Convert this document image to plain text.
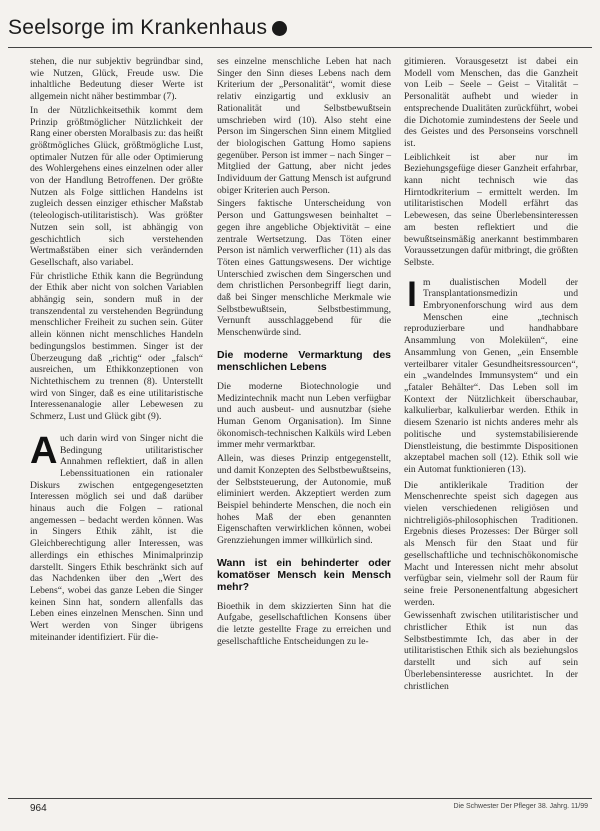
Seelsorge im Krankenhaus

stehen, die nur subjektiv begründbar sind, wie Nutzen, Glück, Freude usw. Die inhaltliche Bedeutung dieser Werte ist allgemein nicht näher bestimmbar (7).

In der Nützlichkeitsethik kommt dem Prinzip größtmöglicher Nützlichkeit der Rang einer obersten Moralbasis zu: das heißt größtmögliches Glück, größtmögliche Lust, optimaler Nutzen für alle oder Optimierung des Wohlergehens eines einzelnen oder aller von der Handlung Betroffenen. Der größte Nutzen als Folge sittlichen Handelns ist zugleich dessen einziger ethischer Maßstab (teleologisch-utilitaristisch). Was größter Nutzen sein soll, ist abhängig von geschichtlich sich verstehenden Wertmaßstäben einer sich verändernden Gesellschaft, also variabel.

Für christliche Ethik kann die Begründung der Ethik aber nicht von solchen Variablen abhängig sein, sondern muß in der transzendental zu verstehenden Begründung menschlicher Freiheit zu suchen sein. Güter allein können nicht menschliches Handeln bedingungslos bestimmen. Singer ist der Überzeugung daß „richtig“ oder „falsch“ ausreichen, um Ethikkonzeptionen von Nichtethischem zu trennen (8). Unterstellt wird von Singer, daß es eine utilitaristische Interessenanalogie aller Lebewesen zu Schmerz, Lust und Glück gibt (9).

A uch darin wird von Singer nicht die Bedingung utilitaristischer Annahmen reflektiert, daß in allen Lebenssituationen ein rationaler Diskurs zwischen entgegengesetzten Interessen möglich sei und daß darüber hinaus auch die Folgen – rational angemessen – bedacht werden können. Was in Singers Ethik zählt, ist die Gleichberechtigung aller Interessen, was allerdings ein ethisches Minimalprinzip darstellt. Singers Ethik beschränkt sich auf das Nachdenken über den „Wert des Lebens“, wobei das ganze Leben die Singer keinen Sinn hat, sondern allenfalls das Leben eines einzelnen Menschen. Sinn und Wert werden von Singer übrigens miteinander identifiziert. Für die-

ses einzelne menschliche Leben hat nach Singer den Sinn dieses Lebens nach dem Kriterium der „Personalität“, womit diese relativ einzigartig und exklusiv an Rationalität und Selbstbewußtsein umschrieben wird (10). Also steht eine Person im Singerschen Sinn einem Mitglied der biologischen Gattung Homo sapiens gegenüber. Person ist immer – nach Singer – Mitglied der Gattung, aber nicht jedes Individuum der Gattung Mensch ist aufgrund obiger Kriterien auch Person.

Singers faktische Unterscheidung von Person und Gattungswesen beinhaltet – gegen ihre angebliche Objektivität – eine zentrale Wertsetzung. Das Töten einer Person ist nämlich verwerflicher (11) als das Töten eines Gattungswesens. Der wichtige Unterschied zwischen dem Singerschen und dem christlichen Personbegriff liegt darin, daß bei Singer menschliche Merkmale wie Selbstbewußtsein, Selbstbestimmung, Vernunft ausschlaggebend für die Menschenwürde sind.

Die moderne Vermarktung des menschlichen Lebens

Die moderne Biotechnologie und Medizintechnik macht nun Leben verfügbar und auch ausbeut- und ausnutzbar (siehe Human Genom Organisation). Im Sinne ökonomisch-technischen Kalküls wird Leben immer mehr vermarktbar.

Allein, was dieses Prinzip entgegenstellt, und damit Konzepten des Selbstbewußtseins, der Selbststeuerung, der Autonomie, muß eliminiert werden. Akzeptiert werden zum Beispiel behinderte Menschen, die noch ein hohes Maß der eben genannten Eigenschaften verwirklichen können, wobei Grenzziehungen immer willkürlich sind.

Wann ist ein behinderter oder komatöser Mensch kein Mensch mehr?

Bioethik in dem skizzierten Sinn hat die Aufgabe, gesellschaftlichen Konsens über die letzte gestellte Frage zu erreichen und gesellschaftliche Entscheidungen zu le-

gitimieren. Vorausgesetzt ist dabei ein Modell vom Menschen, das die Ganzheit von Leib – Seele – Geist – Vitalität – Personalität aufhebt und wieder in entsprechende Dualitäten zurückführt, wobei die Dichotomie zumindestens der Seele und des Geistes und des Personseins vorschnell ist.

Leiblichkeit ist aber nur im Beziehungsgefüge dieser Ganzheit erfahrbar, kann nicht technisch wie das Hirntodkriterium – ermittelt werden. Im utilitaristischen Modell erfährt das Lebewesen, das seine Überlebensinteressen am besten reflektiert und die bewußtseinsmäßig anerkannt bestimmbaren Voraussetzungen dafür mitbringt, die größten Selbste.

I m dualistischen Modell der Transplantationsmedizin und Embryonenforschung wird aus dem Menschen eine „technisch reproduzierbare und handhabbare Ansammlung von Molekülen“, eine Ansammlung von Genen, „ein Ensemble verteilbarer vitaler Gesundheitsressourcen“, ein „wandelndes Immunsystem“ und ein „fataler Behälter“. Das Leben soll im Kontext der Nützlichkeit überschaubar, kalkulierbar, kalkulierbar werden. Ethik in diesem Szenario ist nichts anderes mehr als politische und systemstabilisierende Dienstleistung, die bestimmte Dispositionen akzeptabel machen soll (12). Ethik soll wie ein Automat funktionieren (13).

Die antiklerikale Tradition der Menschenrechte speist sich dagegen aus vielen verschiedenen religiösen und nichtreligiös-philosophischen Traditionen. Ergebnis dieses Prozesses: Der Bürger soll als Mensch für den Staat und für gesellschaftliche und technischökonomische Macht und Interessen nicht mehr absolut verfügbar sein, vielmehr soll der Raum für seine freie Personenentfaltung abgesichert werden.

Gewissenhaft zwischen utilitaristischer und christlicher Ethik ist nun das Selbstbestimmte Ich, das aber in der utilitaristischen Ethik sich als beziehungslos darstellt und sich auf sein Überlebensinteresse ausrichtet. In der christlichen

964	Die Schwester Der Pfleger 38. Jahrg. 11/99
